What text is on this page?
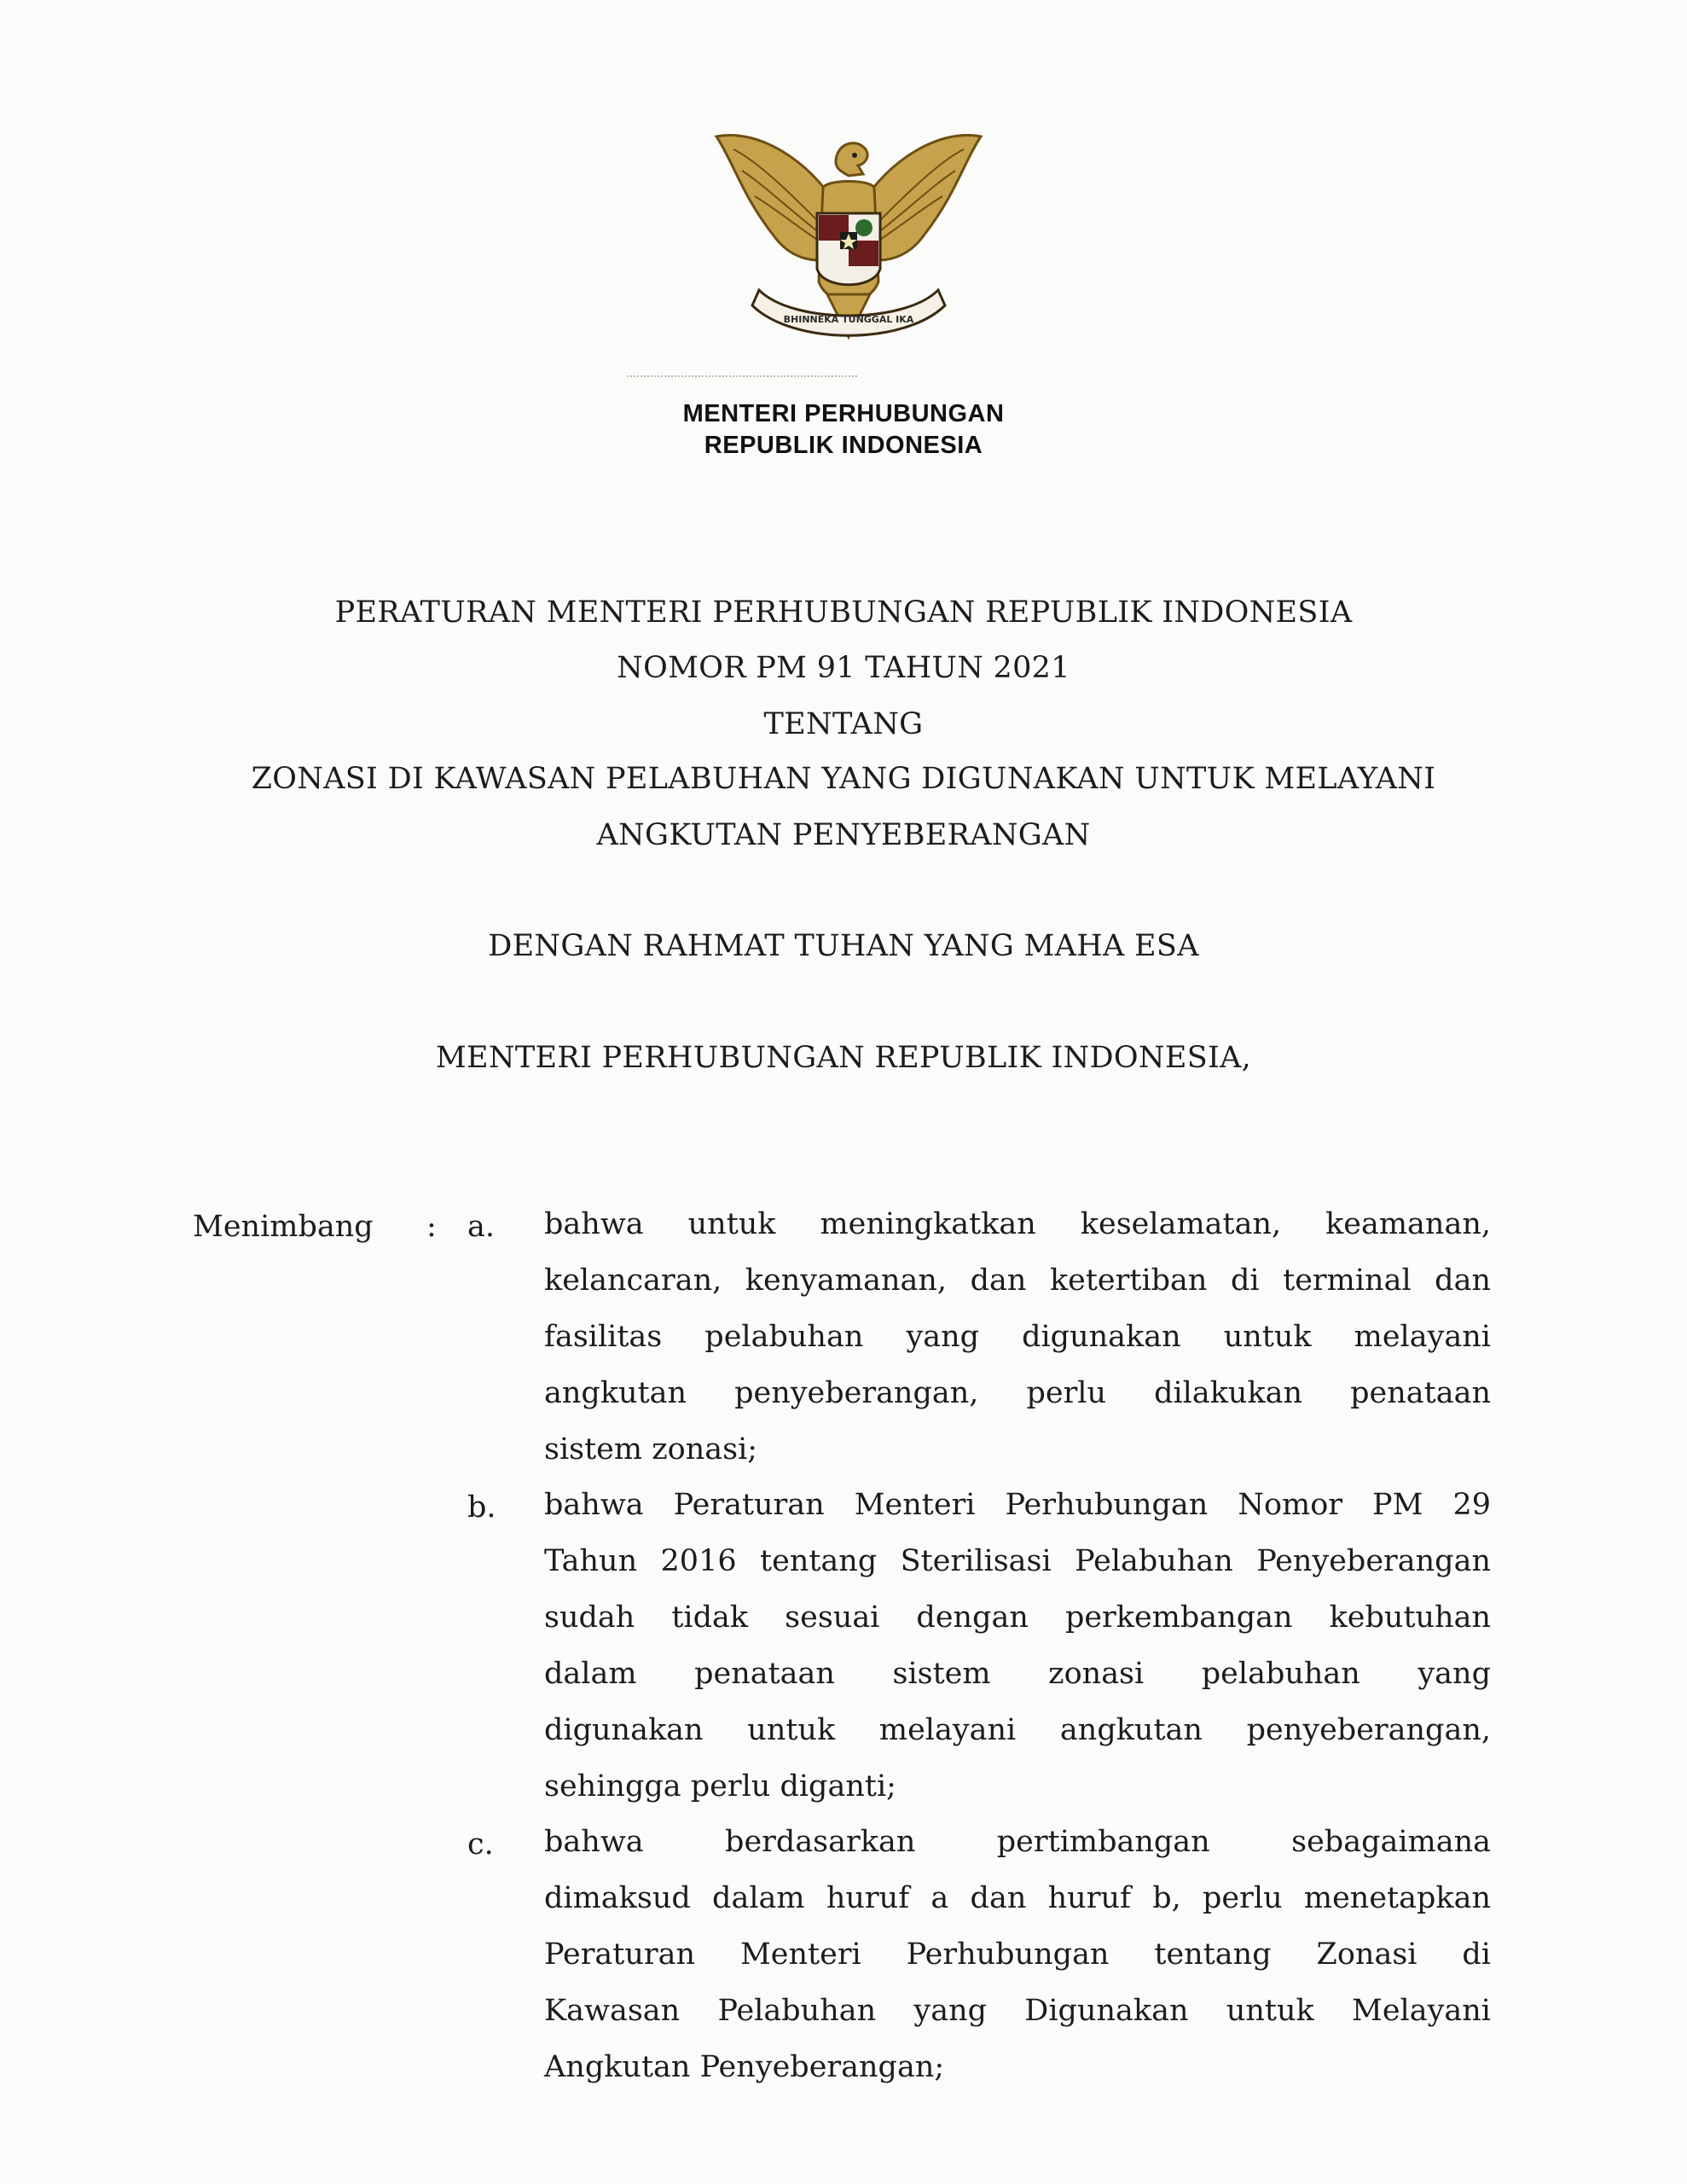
BHINNEKA TUNGGAL IKA
MENTERI PERHUBUNGAN
REPUBLIK INDONESIA
PERATURAN MENTERI PERHUBUNGAN REPUBLIK INDONESIA
NOMOR PM 91 TAHUN 2021
TENTANG
ZONASI DI KAWASAN PELABUHAN YANG DIGUNAKAN UNTUK MELAYANI
ANGKUTAN PENYEBERANGAN
DENGAN RAHMAT TUHAN YANG MAHA ESA
MENTERI PERHUBUNGAN REPUBLIK INDONESIA,
Menimbang : a. bahwa untuk meningkatkan keselamatan, keamanan,
kelancaran, kenyamanan, dan ketertiban di terminal dan
fasilitas pelabuhan yang digunakan untuk melayani
angkutan penyeberangan, perlu dilakukan penataan
sistem zonasi;
b. bahwa Peraturan Menteri Perhubungan Nomor PM 29
Tahun 2016 tentang Sterilisasi Pelabuhan Penyeberangan
sudah tidak sesuai dengan perkembangan kebutuhan
dalam penataan sistem zonasi pelabuhan yang
digunakan untuk melayani angkutan penyeberangan,
sehingga perlu diganti;
c. bahwa berdasarkan pertimbangan sebagaimana
dimaksud dalam huruf a dan huruf b, perlu menetapkan
Peraturan Menteri Perhubungan tentang Zonasi di
Kawasan Pelabuhan yang Digunakan untuk Melayani
Angkutan Penyeberangan;
